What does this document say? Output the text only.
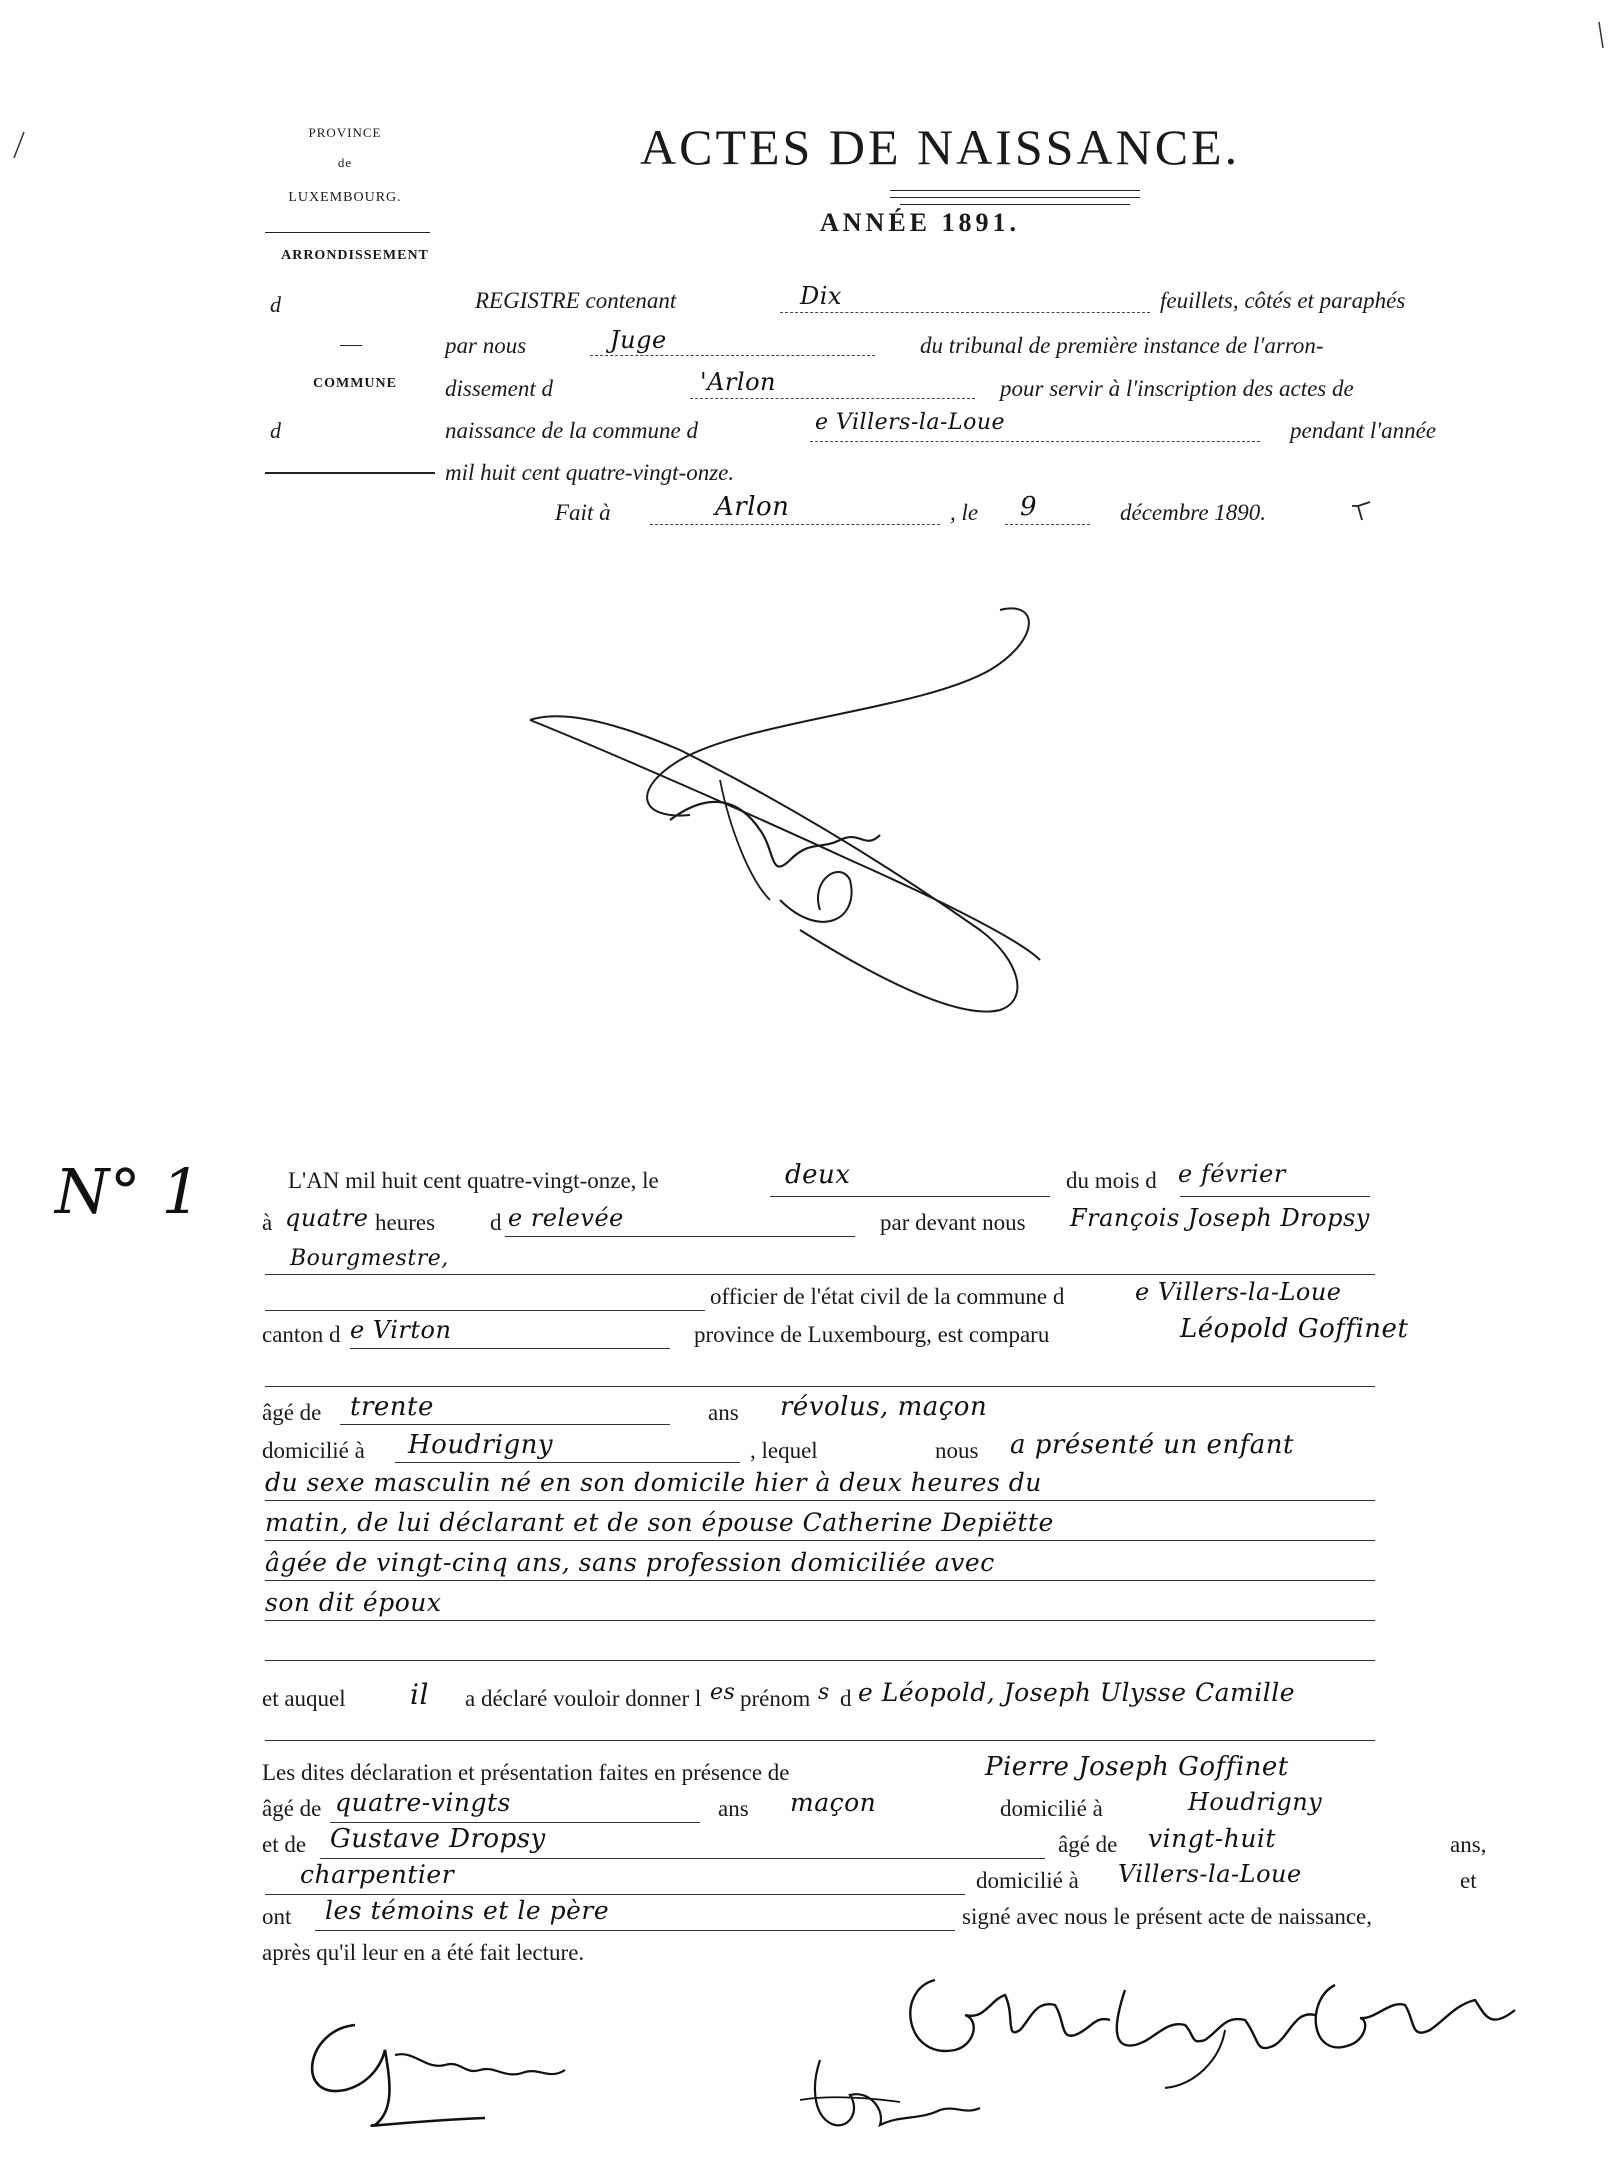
PROVINCE
de
LUXEMBOURG.
ARRONDISSEMENT
d
COMMUNE
d
ACTES DE NAISSANCE.
ANNÉE 1891.
REGISTRE contenant	Dix	feuillets, côtés et paraphés
par nous	Juge	du tribunal de première instance de l'arron-
dissement d	'Arlon	pour servir à l'inscription des actes de
naissance de la commune d	e Villers-la-Loue	pendant l'année
mil huit cent quatre-vingt-onze.
Fait à	Arlon	, le 9	décembre 1890.
N° 1	L'AN mil huit cent quatre-vingt-onze, le	deux	du mois d e février
à quatre heures d e relevée	par devant nous François Joseph Dropsy
Bourgmestre,
officier de l'état civil de la commune d	e Villers-la-Loue
canton d e Virton	province de Luxembourg, est comparu	Léopold Goffinet
âgé de trente	ans révolus, maçon
domicilié à Houdrigny	, lequel	nous a présenté un enfant
du sexe masculin né en son domicile hier à deux heures du
matin, de lui déclarant et de son épouse Catherine Depiëtte
âgée de vingt-cinq ans, sans profession domiciliée avec
son dit époux
et auquel il a déclaré vouloir donner l es prénom s d e Léopold, Joseph Ulysse Camille
Les dites déclaration et présentation faites en présence de	Pierre Joseph Goffinet
âgé de quatre-vingts	ans maçon	domicilié à	Houdrigny
et de Gustave Dropsy	âgé de vingt-huit	ans,
charpentier	domicilié à Villers-la-Loue	et
ont les témoins et le père	signé avec nous le présent acte de naissance,
après qu'il leur en a été fait lecture.
